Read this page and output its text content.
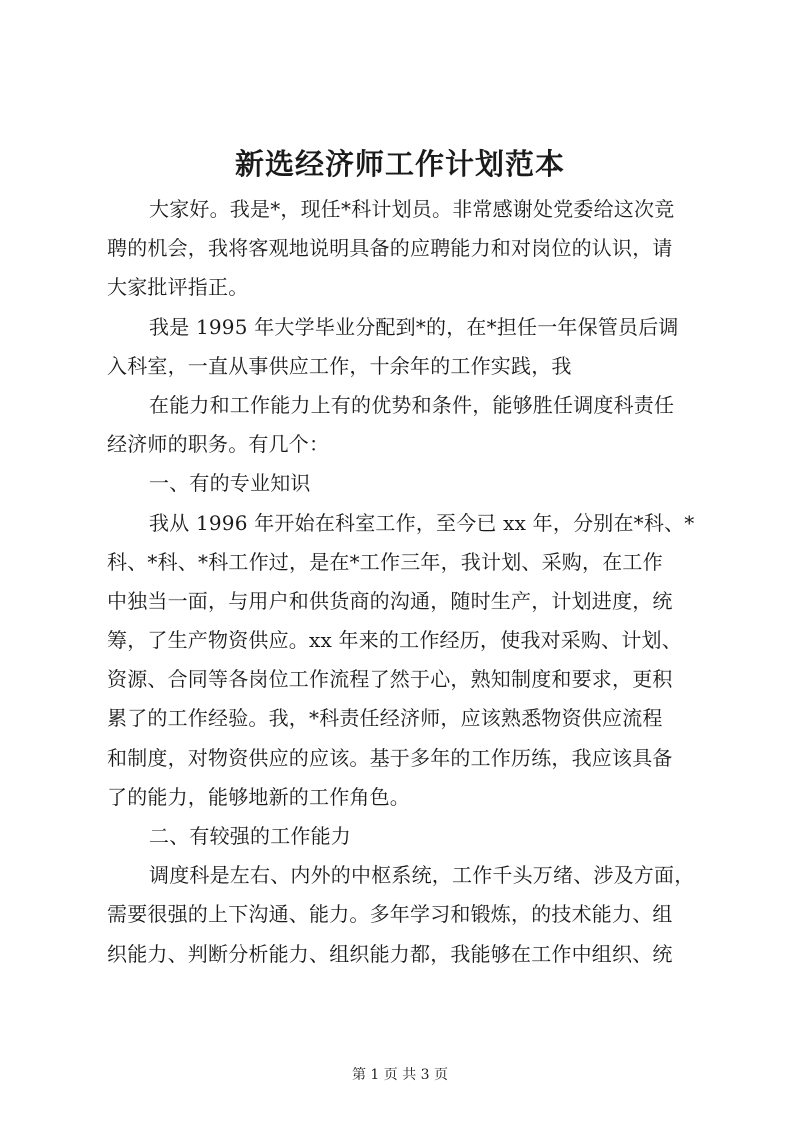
新选经济师工作计划范本
大家好。我是*，现任*科计划员。非常感谢处党委给这次竞
聘的机会，我将客观地说明具备的应聘能力和对岗位的认识，请
大家批评指正。
我是 1995 年大学毕业分配到*的，在*担任一年保管员后调
入科室，一直从事供应工作，十余年的工作实践，我
在能力和工作能力上有的优势和条件，能够胜任调度科责任
经济师的职务。有几个：
一、有的专业知识
我从 1996 年开始在科室工作，至今已 xx 年，分别在*科、*
科、*科、*科工作过，是在*工作三年，我计划、采购，在工作
中独当一面，与用户和供货商的沟通，随时生产，计划进度，统
筹，了生产物资供应。xx 年来的工作经历，使我对采购、计划、
资源、合同等各岗位工作流程了然于心，熟知制度和要求，更积
累了的工作经验。我，*科责任经济师，应该熟悉物资供应流程
和制度，对物资供应的应该。基于多年的工作历练，我应该具备
了的能力，能够地新的工作角色。
二、有较强的工作能力
调度科是左右、内外的中枢系统，工作千头万绪、涉及方面，
需要很强的上下沟通、能力。多年学习和锻炼，的技术能力、组
织能力、判断分析能力、组织能力都，我能够在工作中组织、统
第 1 页 共 3 页
